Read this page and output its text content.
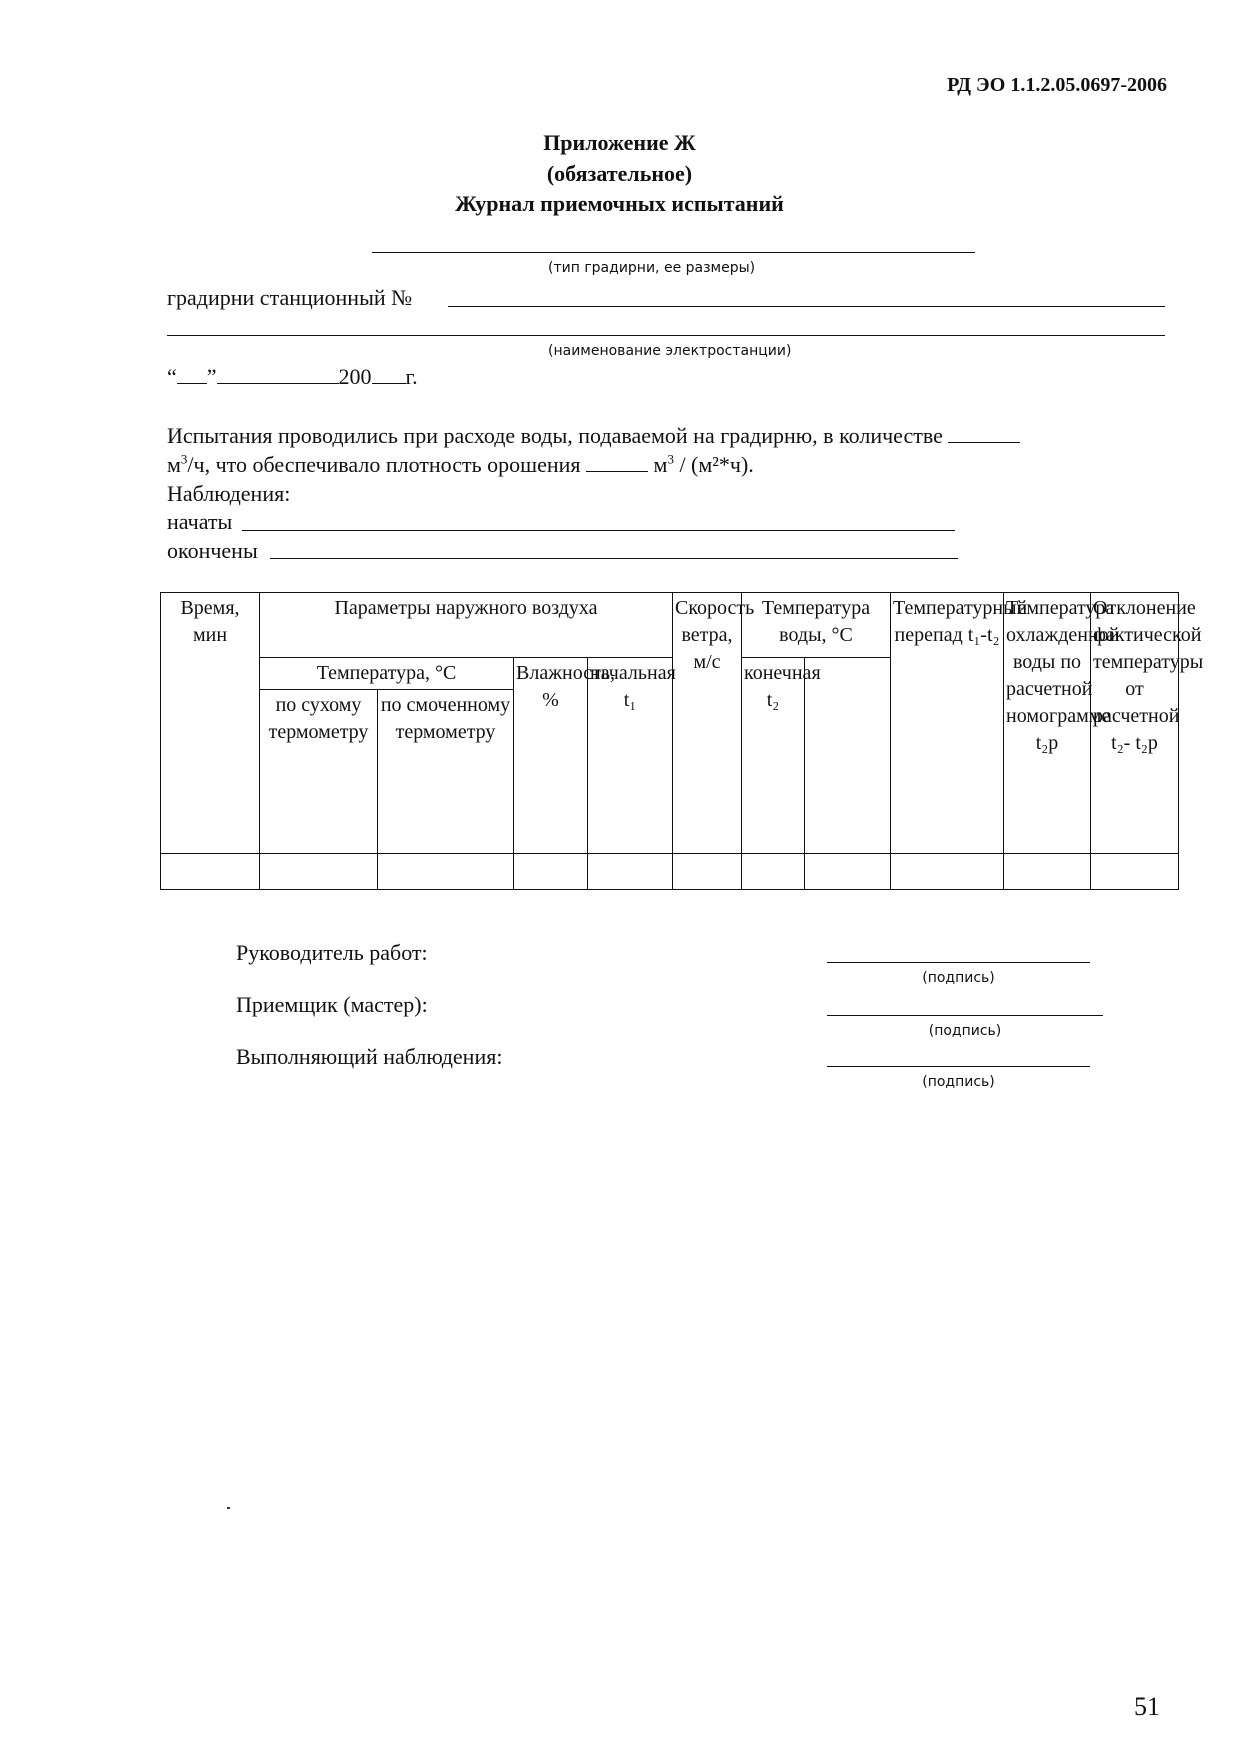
РД ЭО 1.1.2.05.0697-2006
Приложение Ж
(обязательное)
Журнал приемочных испытаний
(тип градирни, ее размеры)
градирни станционный №
(наименование электростанции)
“ ”	200 г.
Испытания проводились при расходе воды, подаваемой на градирню, в количестве
$м^3/ч$, что обеспечивало плотность орошения	$м^3 / (м^2*ч)$.
Наблюдения:
начаты
окончены
Время, мин	Параметры наружного воздуха				Скорость ветра, м/с	Температура воды, °С		Температурный перепад t₁-t₂	Температура охлажденной воды по расчетной номограмме t₂р	Отклонение фактической температуры от расчетной t₂- t₂р	
	Температура, °С		Влажность, %	начальная t₁		конечная t₂					
	по сухому термометру	по смоченному термометру									

Руководитель работ:
(подпись)
Приемщик (мастер):
(подпись)
Выполняющий наблюдения:
(подпись)
51
